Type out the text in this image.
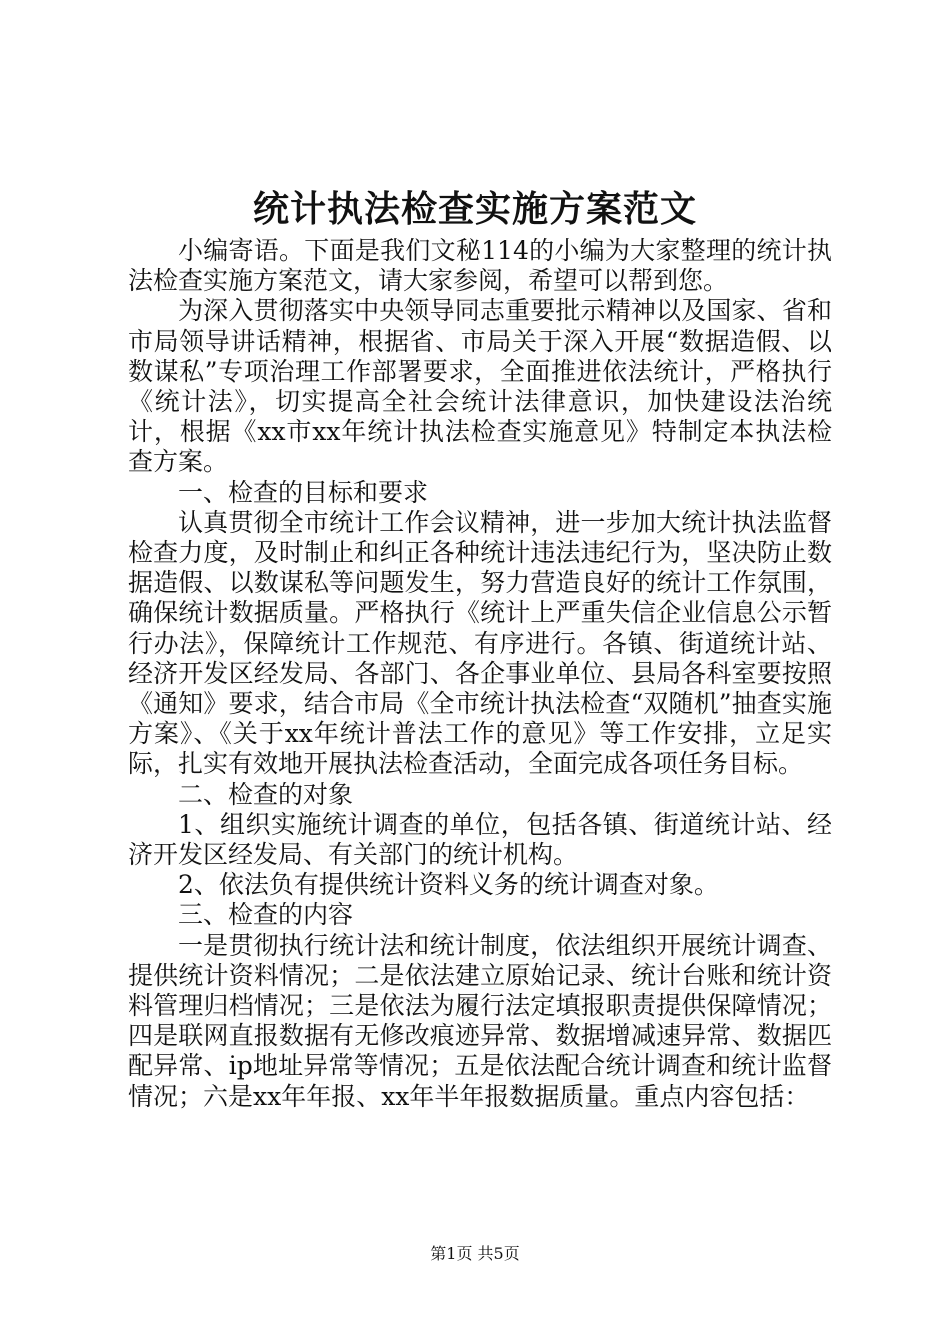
统计执法检查实施方案范文

小编寄语。下面是我们文秘114的小编为大家整理的统计执法检查实施方案范文，请大家参阅，希望可以帮到您。

为深入贯彻落实中央领导同志重要批示精神以及国家、省和市局领导讲话精神，根据省、市局关于深入开展“数据造假、以数谋私”专项治理工作部署要求，全面推进依法统计，严格执行《统计法》，切实提高全社会统计法律意识，加快建设法治统计，根据《xx市xx年统计执法检查实施意见》特制定本执法检查方案。

一、检查的目标和要求

认真贯彻全市统计工作会议精神，进一步加大统计执法监督检查力度，及时制止和纠正各种统计违法违纪行为，坚决防止数据造假、以数谋私等问题发生，努力营造良好的统计工作氛围，确保统计数据质量。严格执行《统计上严重失信企业信息公示暂行办法》，保障统计工作规范、有序进行。各镇、街道统计站、经济开发区经发局、各部门、各企事业单位、县局各科室要按照《通知》要求，结合市局《全市统计执法检查“双随机”抽查实施方案》、《关于xx年统计普法工作的意见》等工作安排，立足实际，扎实有效地开展执法检查活动，全面完成各项任务目标。

二、检查的对象

1、组织实施统计调查的单位，包括各镇、街道统计站、经济开发区经发局、有关部门的统计机构。

2、依法负有提供统计资料义务的统计调查对象。

三、检查的内容

一是贯彻执行统计法和统计制度，依法组织开展统计调查、提供统计资料情况；二是依法建立原始记录、统计台账和统计资料管理归档情况；三是依法为履行法定填报职责提供保障情况；四是联网直报数据有无修改痕迹异常、数据增减速异常、数据匹配异常、ip地址异常等情况；五是依法配合统计调查和统计监督情况；六是xx年年报、xx年半年报数据质量。重点内容包括：

第1页 共5页
